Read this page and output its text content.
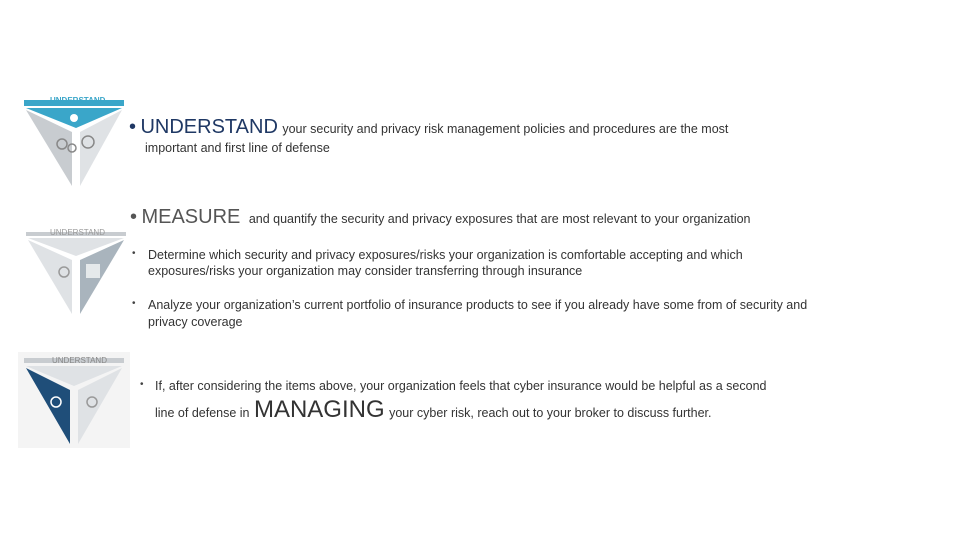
UNDERSTAND
UNDERSTAND
UNDERSTAND
• UNDERSTAND your security and privacy risk management policies and procedures are the most
important and first line of defense
• MEASURE and quantify the security and privacy exposures that are most relevant to your organization
• Determine which security and privacy exposures/risks your organization is comfortable accepting and which
exposures/risks your organization may consider transferring through insurance
• Analyze your organization’s current portfolio of insurance products to see if you already have some from of security and
privacy coverage
• If, after considering the items above, your organization feels that cyber insurance would be helpful as a second
line of defense in MANAGING your cyber risk, reach out to your broker to discuss further.
